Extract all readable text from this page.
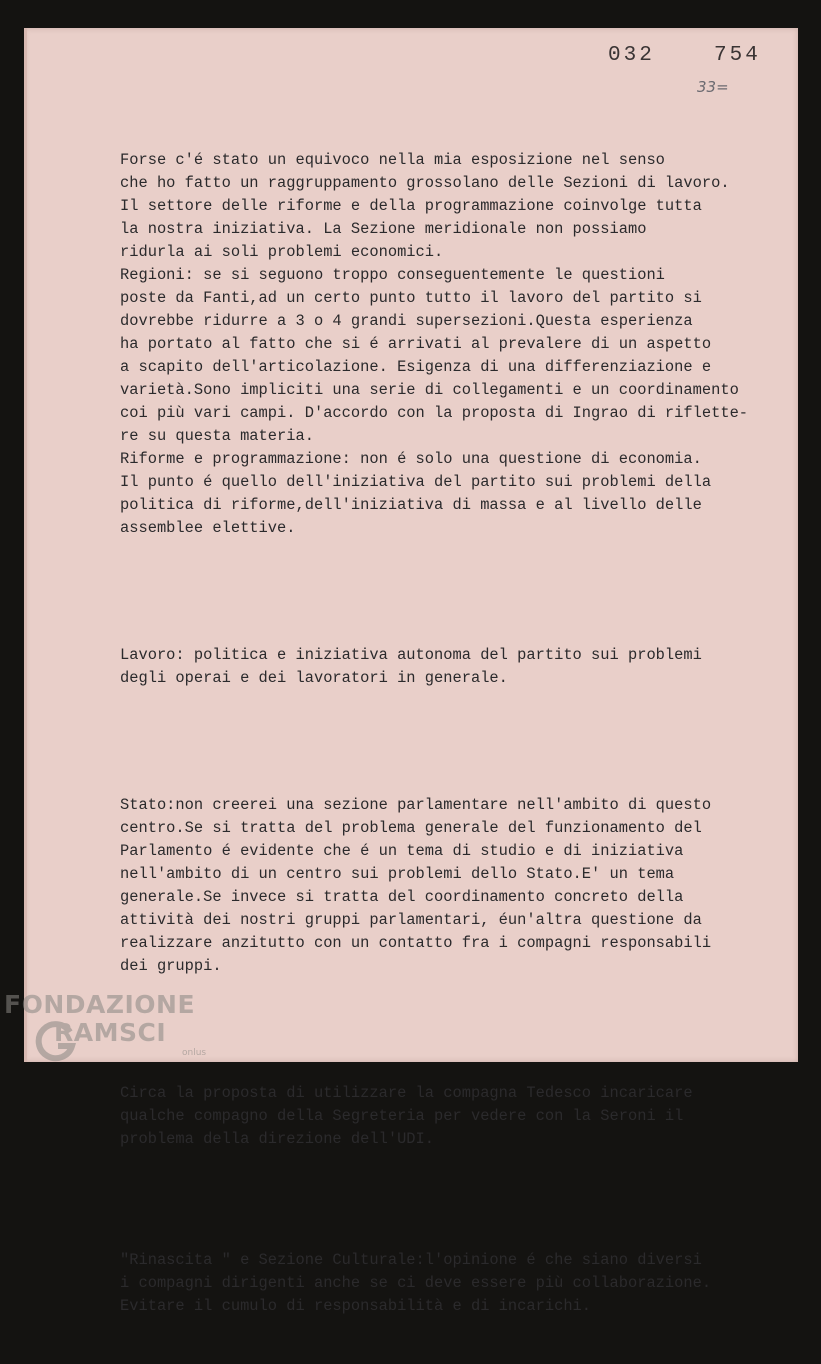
032  754
33=

Forse c'é stato un equivoco nella mia esposizione nel senso
che ho fatto un raggruppamento grossolano delle Sezioni di lavoro.
Il settore delle riforme e della programmazione coinvolge tutta
la nostra iniziativa. La Sezione meridionale non possiamo
ridurla ai soli problemi economici.
Regioni: se si seguono troppo conseguentemente le questioni
poste da Fanti,ad un certo punto tutto il lavoro del partito si
dovrebbe ridurre a 3 o 4 grandi supersezioni.Questa esperienza
ha portato al fatto che si é arrivati al prevalere di un aspetto
a scapito dell'articolazione. Esigenza di una differenziazione e
varietà.Sono impliciti una serie di collegamenti e un coordinamento
coi più vari campi. D'accordo con la proposta di Ingrao di riflette-
re su questa materia.
Riforme e programmazione: non é solo una questione di economia.
Il punto é quello dell'iniziativa del partito sui problemi della
politica di riforme,dell'iniziativa di massa e al livello delle
assemblee elettive.

Lavoro: politica e iniziativa autonoma del partito sui problemi
degli operai e dei lavoratori in generale.

Stato:non creerei una sezione parlamentare nell'ambito di questo
centro.Se si tratta del problema generale del funzionamento del
Parlamento é evidente che é un tema di studio e di iniziativa
nell'ambito di un centro sui problemi dello Stato.E' un tema
generale.Se invece si tratta del coordinamento concreto della
attività dei nostri gruppi parlamentari, éun'altra questione da
realizzare anzitutto con un contatto fra i compagni responsabili
dei gruppi.

Circa la proposta di utilizzare la compagna Tedesco incaricare
qualche compagno della Segreteria per vedere con la Seroni il
problema della direzione dell'UDI.

"Rinascita " e Sezione Culturale:l'opinione é che siano diversi
i compagni dirigenti anche se ci deve essere più collaborazione.
Evitare il cumulo di responsabilità e di incarichi.

FONDAZIONE
RAMSCI
onlus
